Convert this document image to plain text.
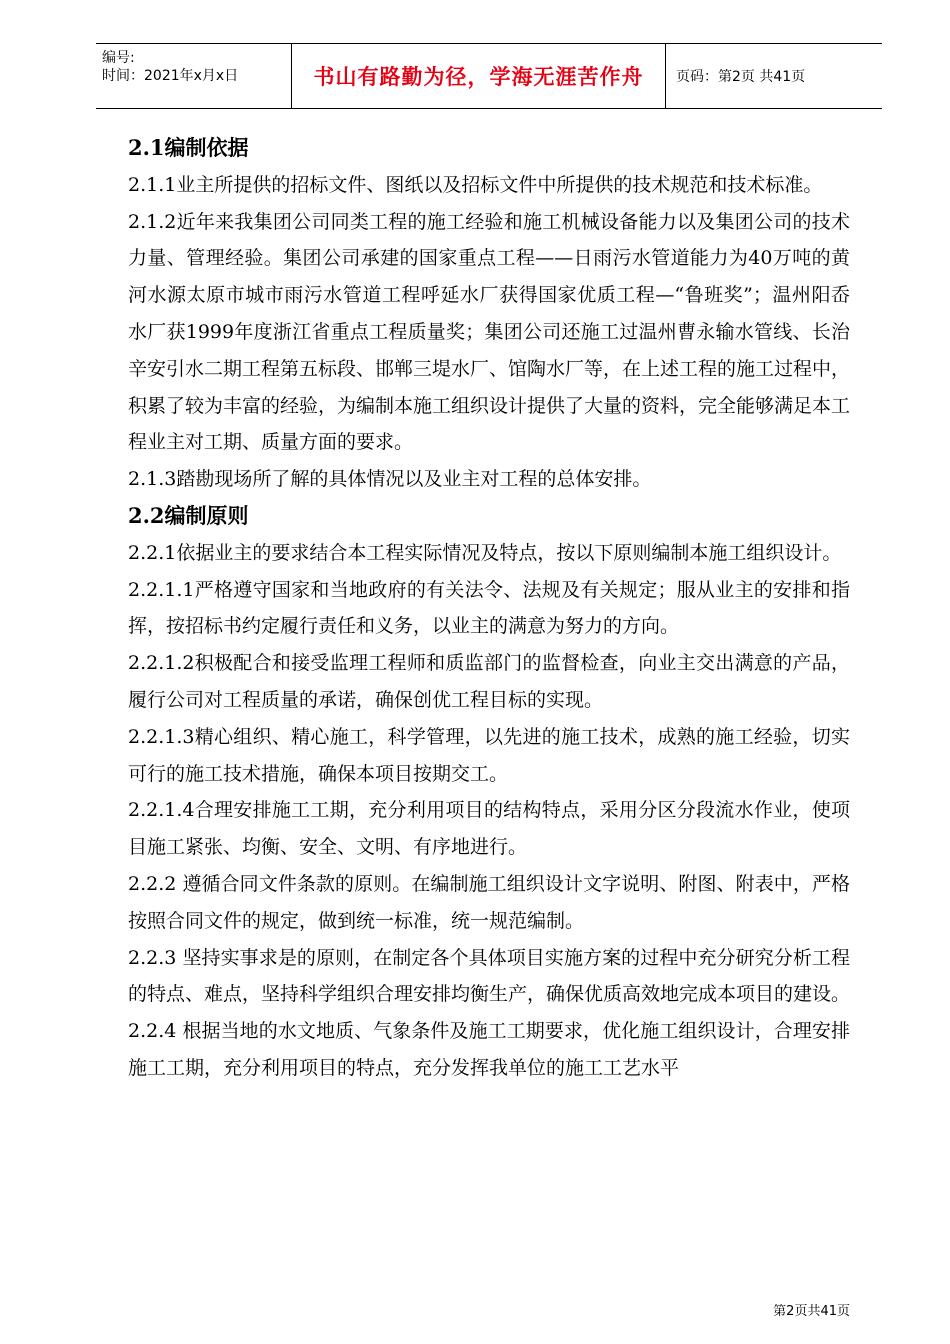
编号:
时间：2021年x月x日	书山有路勤为径，学海无涯苦作舟	页码：第2页 共41页
2.1编制依据

2.1.1业主所提供的招标文件、图纸以及招标文件中所提供的技术规范和技术标准。

2.1.2近年来我集团公司同类工程的施工经验和施工机械设备能力以及集团公司的技术力量、管理经验。集团公司承建的国家重点工程——日雨污水管道能力为40万吨的黄河水源太原市城市雨污水管道工程呼延水厂获得国家优质工程—“鲁班奖”；温州阳岙水厂获1999年度浙江省重点工程质量奖；集团公司还施工过温州曹永输水管线、长治辛安引水二期工程第五标段、邯郸三堤水厂、馆陶水厂等，在上述工程的施工过程中，积累了较为丰富的经验，为编制本施工组织设计提供了大量的资料，完全能够满足本工程业主对工期、质量方面的要求。

2.1.3踏勘现场所了解的具体情况以及业主对工程的总体安排。

2.2编制原则

2.2.1依据业主的要求结合本工程实际情况及特点，按以下原则编制本施工组织设计。

2.2.1.1严格遵守国家和当地政府的有关法令、法规及有关规定；服从业主的安排和指挥，按招标书约定履行责任和义务，以业主的满意为努力的方向。

2.2.1.2积极配合和接受监理工程师和质监部门的监督检查，向业主交出满意的产品，履行公司对工程质量的承诺，确保创优工程目标的实现。

2.2.1.3精心组织、精心施工，科学管理，以先进的施工技术，成熟的施工经验，切实可行的施工技术措施，确保本项目按期交工。

2.2.1.4合理安排施工工期，充分利用项目的结构特点，采用分区分段流水作业，使项目施工紧张、均衡、安全、文明、有序地进行。

2.2.2 遵循合同文件条款的原则。在编制施工组织设计文字说明、附图、附表中，严格按照合同文件的规定，做到统一标准，统一规范编制。

2.2.3 坚持实事求是的原则，在制定各个具体项目实施方案的过程中充分研究分析工程的特点、难点，坚持科学组织合理安排均衡生产，确保优质高效地完成本项目的建设。

2.2.4 根据当地的水文地质、气象条件及施工工期要求，优化施工组织设计，合理安排施工工期，充分利用项目的特点，充分发挥我单位的施工工艺水平

第2页共41页
